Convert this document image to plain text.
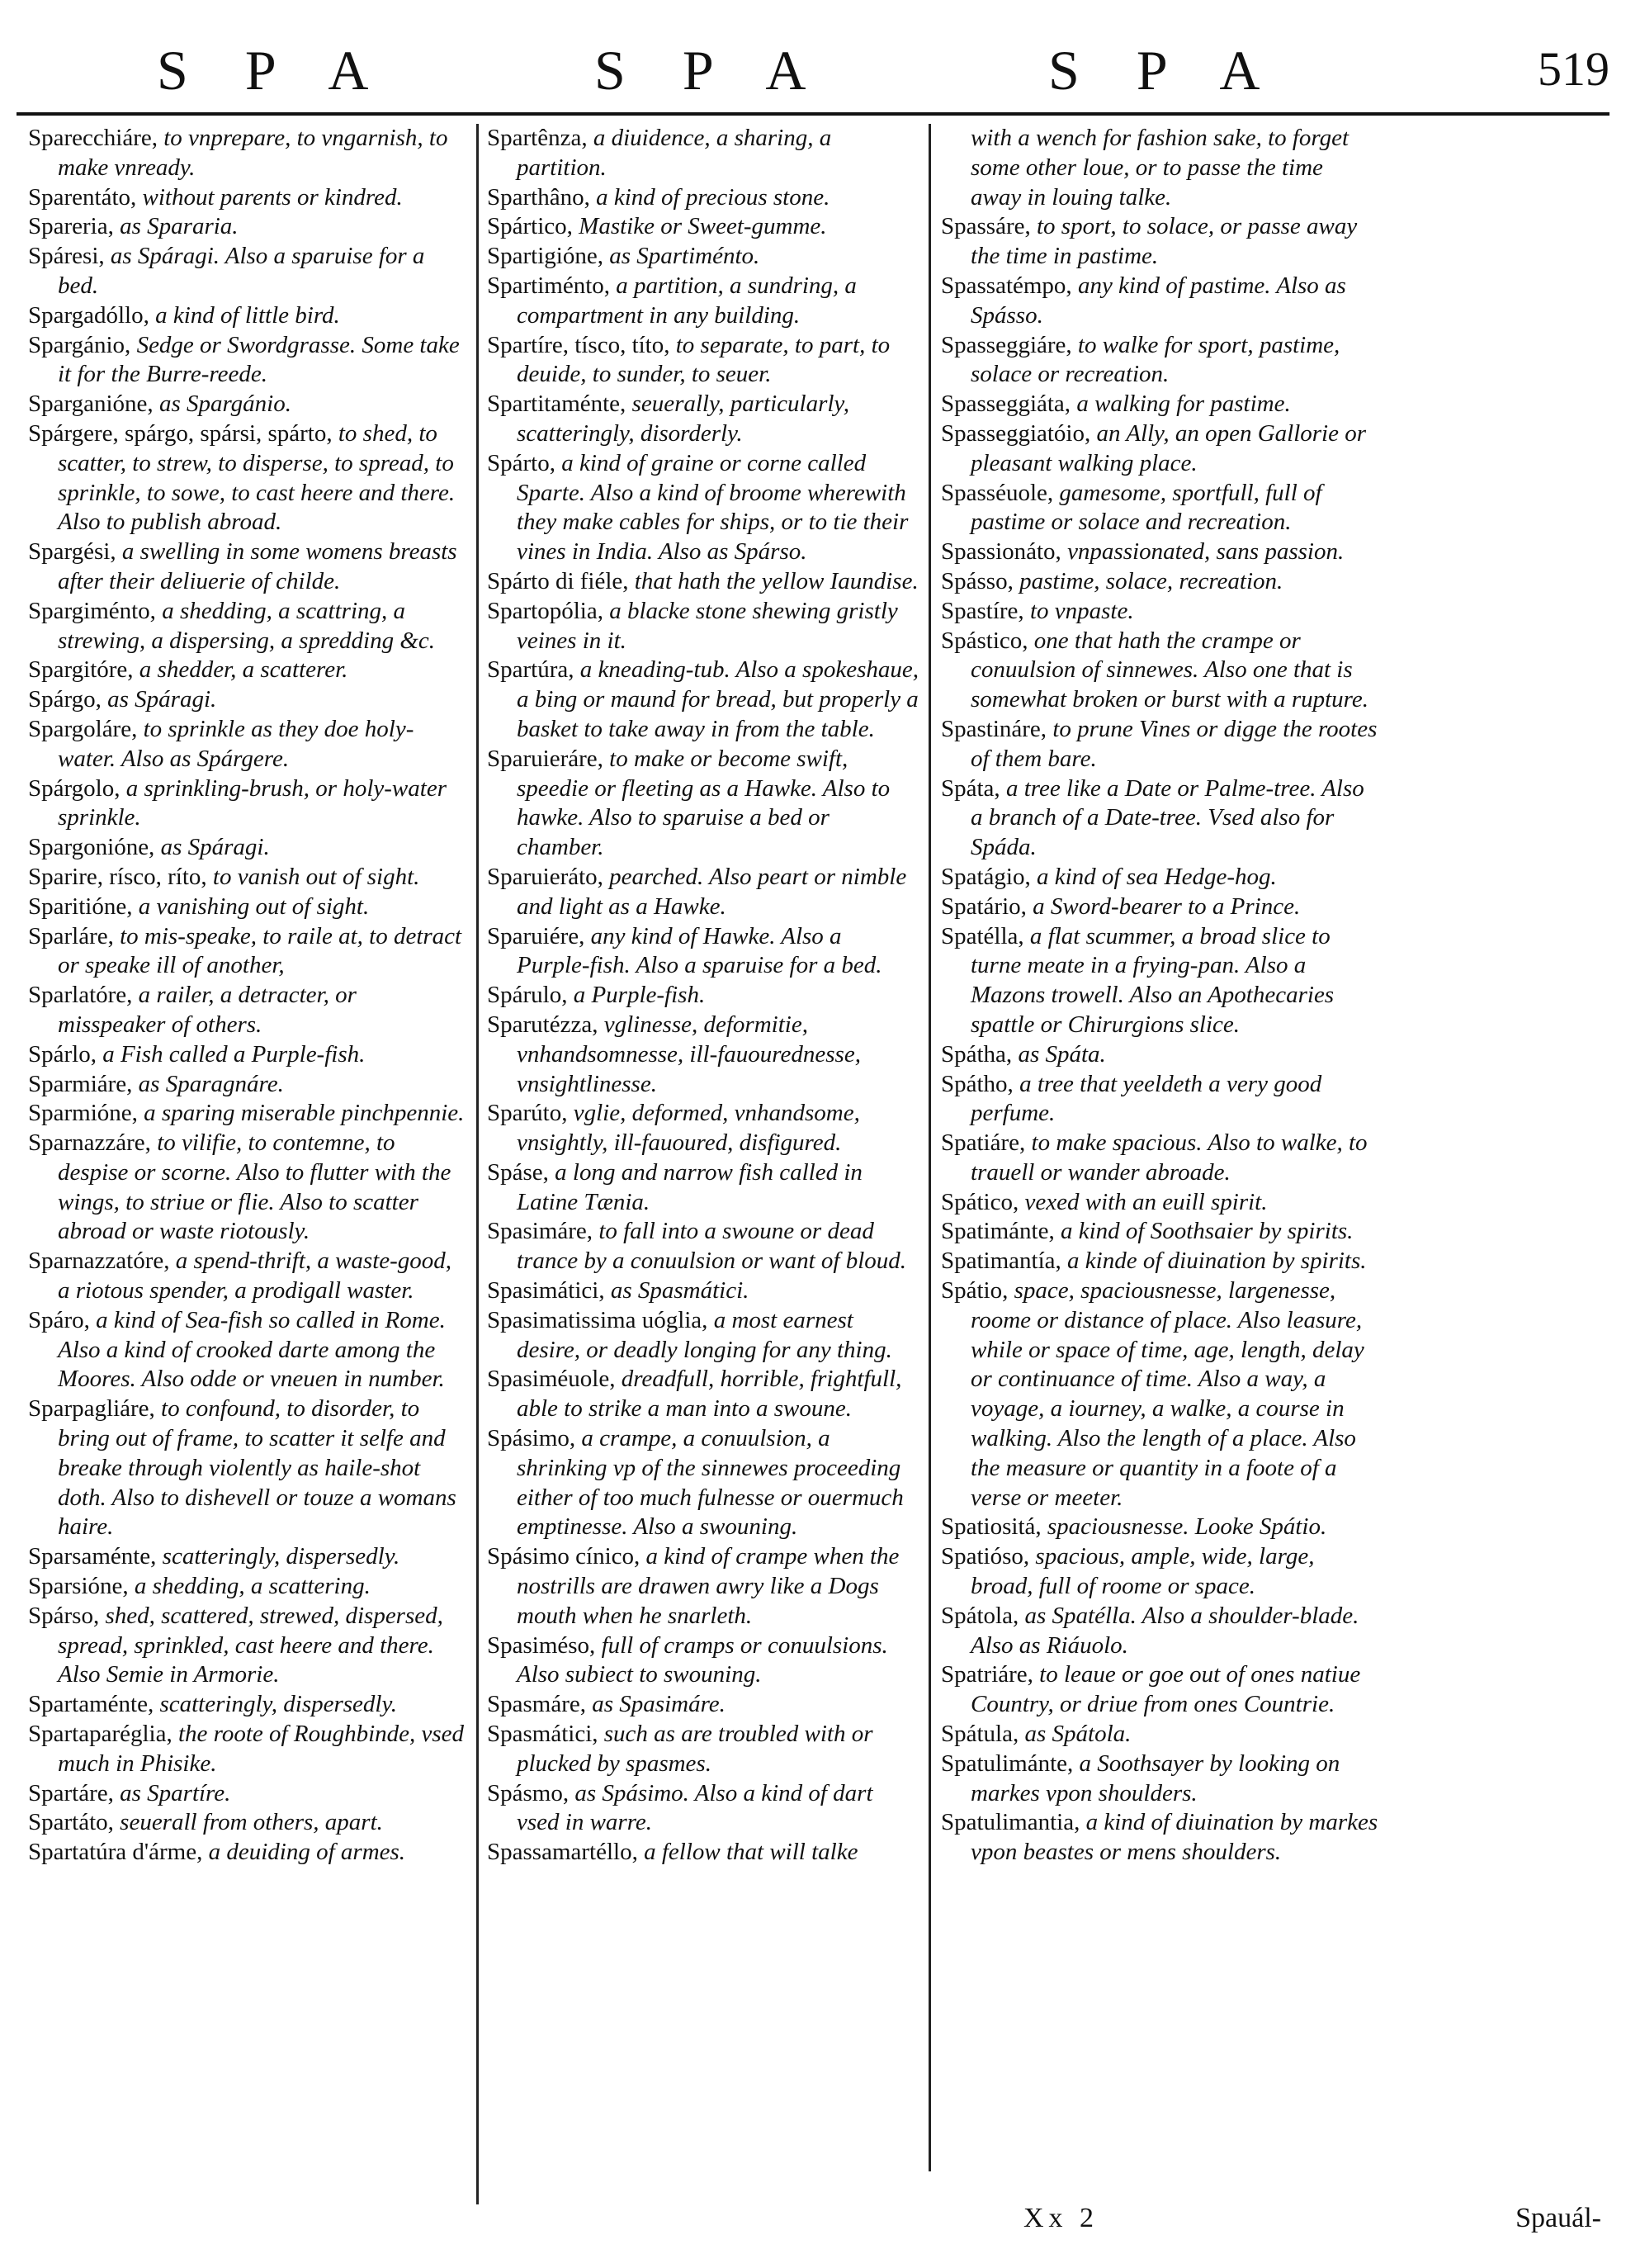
S P A	S P A	S P A	519

Sparecchiáre, to vnprepare, to vngarnish, to make vnready.

Sparentáto, without parents or kindred.

Spareria, as Spararia.

Spáresi, as Spáragi. Also a sparuise for a bed.

Spargadóllo, a kind of little bird.

Spargánio, Sedge or Swordgrasse. Some take it for the Burre-reede.

Sparganióne, as Spargánio.

Spárgere, spárgo, spársi, spárto, to shed, to scatter, to strew, to disperse, to spread, to sprinkle, to sowe, to cast heere and there. Also to publish abroad.

Spargési, a swelling in some womens breasts after their deliuerie of childe.

Spargiménto, a shedding, a scattring, a strewing, a dispersing, a spredding &c.

Spargitóre, a shedder, a scatterer.

Spárgo, as Spáragi.

Spargoláre, to sprinkle as they doe holy-water. Also as Spárgere.

Spárgolo, a sprinkling-brush, or holy-water sprinkle.

Spargonióne, as Spáragi.

Sparire, rísco, ríto, to vanish out of sight.

Sparitióne, a vanishing out of sight.

Sparláre, to mis-speake, to raile at, to detract or speake ill of another,

Sparlatóre, a railer, a detracter, or misspeaker of others.

Spárlo, a Fish called a Purple-fish.

Sparmiáre, as Sparagnáre.

Sparmióne, a sparing miserable pinchpennie.

Sparnazzáre, to vilifie, to contemne, to despise or scorne. Also to flutter with the wings, to striue or flie. Also to scatter abroad or waste riotously.

Sparnazzatóre, a spend-thrift, a waste-good, a riotous spender, a prodigall waster.

Spáro, a kind of Sea-fish so called in Rome. Also a kind of crooked darte among the Moores. Also odde or vneuen in number.

Sparpagliáre, to confound, to disorder, to bring out of frame, to scatter it selfe and breake through violently as haile-shot doth. Also to dishevell or touze a womans haire.

Sparsaménte, scatteringly, dispersedly.

Sparsióne, a shedding, a scattering.

Spárso, shed, scattered, strewed, dispersed, spread, sprinkled, cast heere and there. Also Semie in Armorie.

Spartaménte, scatteringly, dispersedly.

Spartaparéglia, the roote of Roughbinde, vsed much in Phisike.

Spartáre, as Spartíre.

Spartáto, seuerall from others, apart.

Spartatúra d'árme, a deuiding of armes.

Spartênza, a diuidence, a sharing, a partition.

Sparthâno, a kind of precious stone.

Spártico, Mastike or Sweet-gumme.

Spartigióne, as Spartiménto.

Spartiménto, a partition, a sundring, a compartment in any building.

Spartíre, tísco, títo, to separate, to part, to deuide, to sunder, to seuer.

Spartitaménte, seuerally, particularly, scatteringly, disorderly.

Spárto, a kind of graine or corne called Sparte. Also a kind of broome wherewith they make cables for ships, or to tie their vines in India. Also as Spárso.

Spárto di fiéle, that hath the yellow Iaundise.

Spartopólia, a blacke stone shewing gristly veines in it.

Spartúra, a kneading-tub. Also a spokeshaue, a bing or maund for bread, but properly a basket to take away in from the table.

Sparuieráre, to make or become swift, speedie or fleeting as a Hawke. Also to hawke. Also to sparuise a bed or chamber.

Sparuieráto, pearched. Also peart or nimble and light as a Hawke.

Sparuiére, any kind of Hawke. Also a Purple-fish. Also a sparuise for a bed.

Spárulo, a Purple-fish.

Sparutézza, vglinesse, deformitie, vnhandsomnesse, ill-fauourednesse, vnsightlinesse.

Sparúto, vglie, deformed, vnhandsome, vnsightly, ill-fauoured, disfigured.

Spáse, a long and narrow fish called in Latine Tænia.

Spasimáre, to fall into a swoune or dead trance by a conuulsion or want of bloud.

Spasimátici, as Spasmátici.

Spasimatissima uóglia, a most earnest desire, or deadly longing for any thing.

Spasiméuole, dreadfull, horrible, frightfull, able to strike a man into a swoune.

Spásimo, a crampe, a conuulsion, a shrinking vp of the sinnewes proceeding either of too much fulnesse or ouermuch emptinesse. Also a swouning.

Spásimo cínico, a kind of crampe when the nostrills are drawen awry like a Dogs mouth when he snarleth.

Spasiméso, full of cramps or conuulsions. Also subiect to swouning.

Spasmáre, as Spasimáre.

Spasmátici, such as are troubled with or plucked by spasmes.

Spásmo, as Spásimo. Also a kind of dart vsed in warre.

Spassamartéllo, a fellow that will talke

with a wench for fashion sake, to forget some other loue, or to passe the time away in louing talke.

Spassáre, to sport, to solace, or passe away the time in pastime.

Spassatémpo, any kind of pastime. Also as Spásso.

Spasseggiáre, to walke for sport, pastime, solace or recreation.

Spasseggiáta, a walking for pastime.

Spasseggiatóio, an Ally, an open Gallorie or pleasant walking place.

Spasséuole, gamesome, sportfull, full of pastime or solace and recreation.

Spassionáto, vnpassionated, sans passion.

Spásso, pastime, solace, recreation.

Spastíre, to vnpaste.

Spástico, one that hath the crampe or conuulsion of sinnewes. Also one that is somewhat broken or burst with a rupture.

Spastináre, to prune Vines or digge the rootes of them bare.

Spáta, a tree like a Date or Palme-tree. Also a branch of a Date-tree. Vsed also for Spáda.

Spatágio, a kind of sea Hedge-hog.

Spatário, a Sword-bearer to a Prince.

Spatélla, a flat scummer, a broad slice to turne meate in a frying-pan. Also a Mazons trowell. Also an Apothecaries spattle or Chirurgions slice.

Spátha, as Spáta.

Spátho, a tree that yeeldeth a very good perfume.

Spatiáre, to make spacious. Also to walke, to trauell or wander abroade.

Spático, vexed with an euill spirit.

Spatimánte, a kind of Soothsaier by spirits.

Spatimantía, a kinde of diuination by spirits.

Spátio, space, spaciousnesse, largenesse, roome or distance of place. Also leasure, while or space of time, age, length, delay or continuance of time. Also a way, a voyage, a iourney, a walke, a course in walking. Also the length of a place. Also the measure or quantity in a foote of a verse or meeter.

Spatiositá, spaciousnesse. Looke Spátio.

Spatióso, spacious, ample, wide, large, broad, full of roome or space.

Spátola, as Spatélla. Also a shoulder-blade. Also as Riáuolo.

Spatriáre, to leaue or goe out of ones natiue Country, or driue from ones Countrie.

Spátula, as Spátola.

Spatulimánte, a Soothsayer by looking on markes vpon shoulders.

Spatulimantia, a kind of diuination by markes vpon beastes or mens shoulders.

Xx 2	Spauál-
